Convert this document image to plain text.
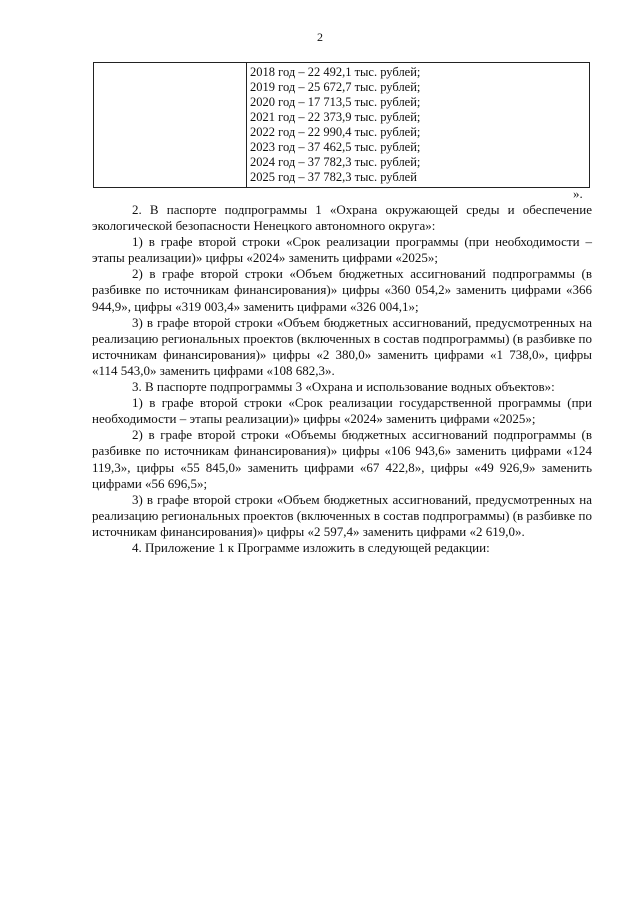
2

2018 год – 22 492,1 тыс. рублей;
2019 год – 25 672,7 тыс. рублей;
2020 год – 17 713,5 тыс. рублей;
2021 год – 22 373,9 тыс. рублей;
2022 год – 22 990,4 тыс. рублей;
2023 год – 37 462,5 тыс. рублей;
2024 год – 37 782,3 тыс. рублей;
2025 год – 37 782,3 тыс. рублей
».

2. В паспорте подпрограммы 1 «Охрана окружающей среды и обеспечение экологической безопасности Ненецкого автономного округа»:

1) в графе второй строки «Срок реализации программы (при необходимости – этапы реализации)» цифры «2024» заменить цифрами «2025»;

2) в графе второй строки «Объем бюджетных ассигнований подпрограммы (в разбивке по источникам финансирования)» цифры «360 054,2» заменить цифрами «366 944,9», цифры «319 003,4» заменить цифрами «326 004,1»;

3) в графе второй строки «Объем бюджетных ассигнований, предусмотренных на реализацию региональных проектов (включенных в состав подпрограммы) (в разбивке по источникам финансирования)» цифры «2 380,0» заменить цифрами «1 738,0», цифры «114 543,0» заменить цифрами «108 682,3».

3. В паспорте подпрограммы 3 «Охрана и использование водных объектов»:

1) в графе второй строки «Срок реализации государственной программы (при необходимости – этапы реализации)» цифры «2024» заменить цифрами «2025»;

2) в графе второй строки «Объемы бюджетных ассигнований подпрограммы (в разбивке по источникам финансирования)» цифры «106 943,6» заменить цифрами «124 119,3», цифры «55 845,0» заменить цифрами «67 422,8», цифры «49 926,9» заменить цифрами «56 696,5»;

3) в графе второй строки «Объем бюджетных ассигнований, предусмотренных на реализацию региональных проектов (включенных в состав подпрограммы) (в разбивке по источникам финансирования)» цифры «2 597,4» заменить цифрами «2 619,0».

4. Приложение 1 к Программе изложить в следующей редакции:
